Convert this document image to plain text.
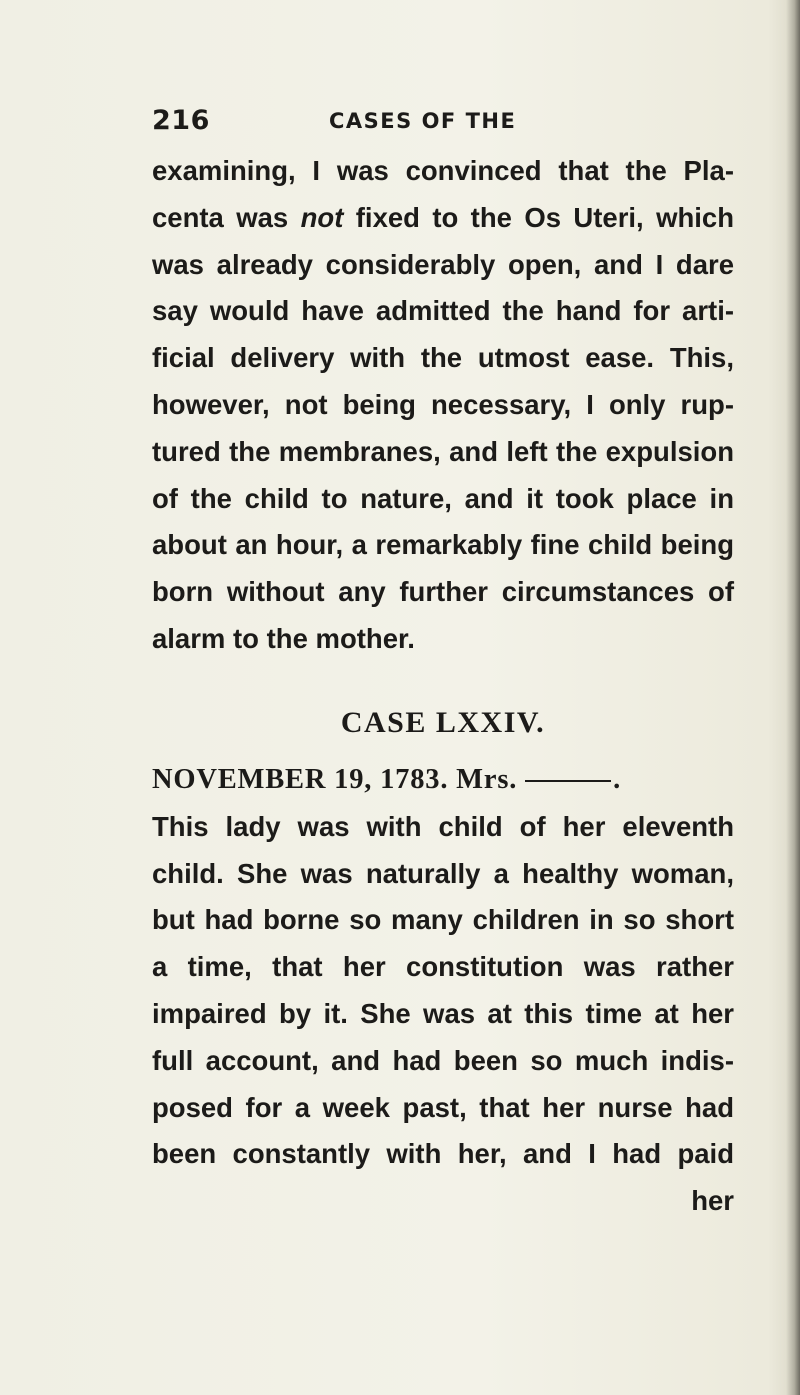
216	CASES OF THE
examining, I was convinced that the Pla-
centa was not fixed to the Os Uteri, which
was already considerably open, and I dare
say would have admitted the hand for arti-
ficial delivery with the utmost ease. This,
however, not being necessary, I only rup-
tured the membranes, and left the expulsion
of the child to nature, and it took place in
about an hour, a remarkably fine child being
born without any further circumstances of
alarm to the mother.
CASE LXXIV.
NOVEMBER 19, 1783. Mrs.	.
This lady was with child of her eleventh
child. She was naturally a healthy woman,
but had borne so many children in so short
a time, that her constitution was rather
impaired by it. She was at this time at her
full account, and had been so much indis-
posed for a week past, that her nurse had
been constantly with her, and I had paid
her
